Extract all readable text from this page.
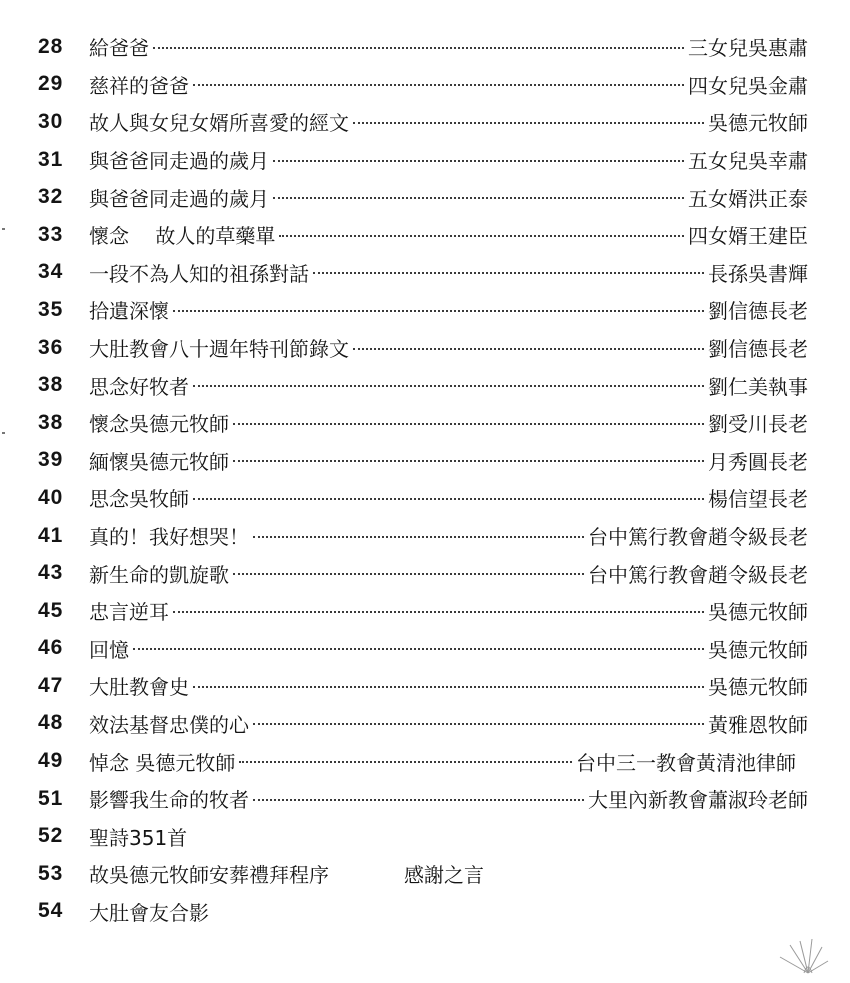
28	給爸爸	三女兒吳惠肅
29	慈祥的爸爸	四女兒吳金肅
30	故人與女兒女婿所喜愛的經文	吳德元牧師
31	與爸爸同走過的歲月	五女兒吳幸肅
32	與爸爸同走過的歲月	五女婿洪正泰
33	懷念　 故人的草藥單	四女婿王建臣
34	一段不為人知的祖孫對話	長孫吳書輝
35	拾遺深懷	劉信德長老
36	大肚教會八十週年特刊節錄文	劉信德長老
38	思念好牧者	劉仁美執事
38	懷念吳德元牧師	劉受川長老
39	緬懷吳德元牧師	月秀圓長老
40	思念吳牧師	楊信望長老
41	真的！我好想哭！	台中篤行教會趙令級長老
43	新生命的凱旋歌	台中篤行教會趙令級長老
45	忠言逆耳	吳德元牧師
46	回憶	吳德元牧師
47	大肚教會史	吳德元牧師
48	效法基督忠僕的心	黃雅恩牧師
49	悼念 吳德元牧師	台中三一教會黃清池律師
51	影響我生命的牧者	大里內新教會蕭淑玲老師
52	聖詩351首
53	故吳德元牧師安葬禮拜程序	感謝之言
54	大肚會友合影
